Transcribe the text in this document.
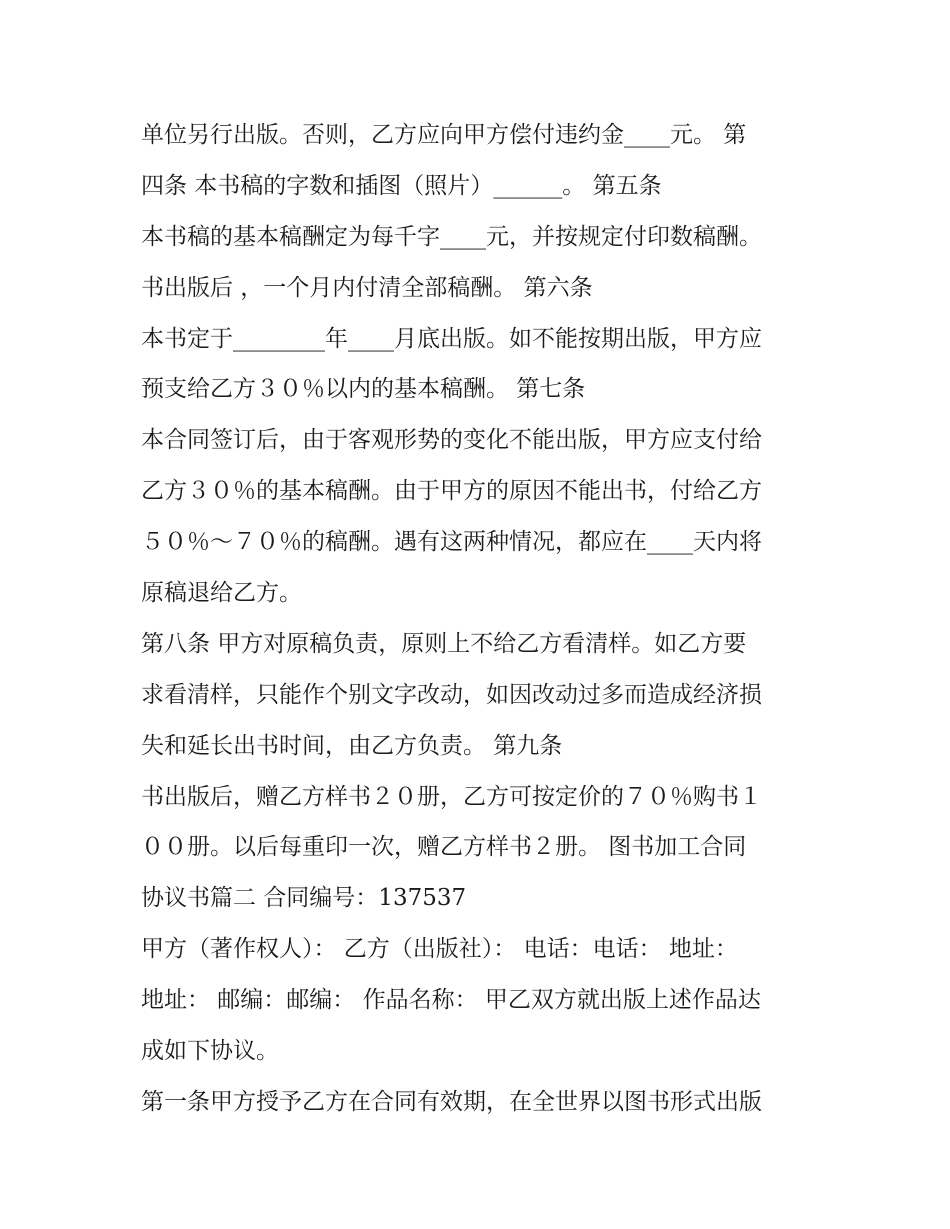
单位另行出版。否则，乙方应向甲方偿付违约金____元。 第
四条 本书稿的字数和插图（照片）______。 第五条
本书稿的基本稿酬定为每千字____元，并按规定付印数稿酬。
书出版后 ，一个月内付清全部稿酬。 第六条
本书定于________年____月底出版。如不能按期出版，甲方应
预支给乙方３０％以内的基本稿酬。 第七条
本合同签订后，由于客观形势的变化不能出版，甲方应支付给
乙方３０％的基本稿酬。由于甲方的原因不能出书，付给乙方
５０％～７０％的稿酬。遇有这两种情况，都应在____天内将
原稿退给乙方。
第八条 甲方对原稿负责，原则上不给乙方看清样。如乙方要
求看清样，只能作个别文字改动，如因改动过多而造成经济损
失和延长出书时间，由乙方负责。 第九条
书出版后，赠乙方样书２０册，乙方可按定价的７０％购书１
００册。以后每重印一次，赠乙方样书２册。 图书加工合同
协议书篇二 合同编号：137537
甲方（著作权人）： 乙方（出版社）： 电话：电话： 地址：
地址： 邮编：邮编： 作品名称： 甲乙双方就出版上述作品达
成如下协议。
第一条甲方授予乙方在合同有效期，在全世界以图书形式出版
